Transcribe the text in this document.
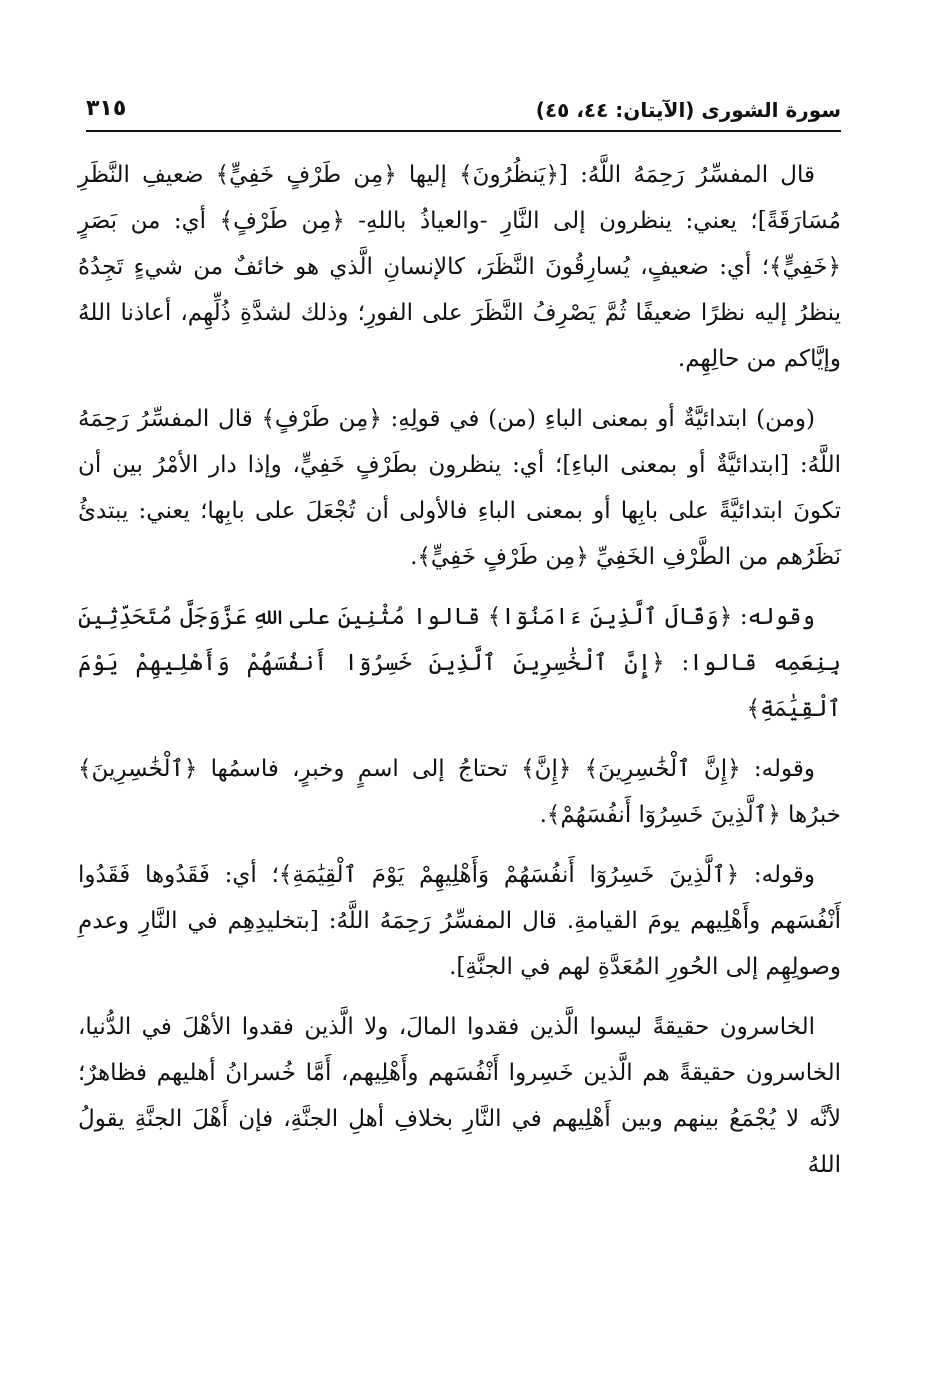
سورة الشورى (الآيتان: ٤٤، ٤٥)
٣١٥

قال المفسِّرُ رَحِمَهُ اللَّهُ: [﴿يَنظُرُونَ﴾ إليها ﴿مِن طَرْفٍ خَفِيٍّ﴾ ضعيفِ النَّظَرِ مُسَارَقَةً]؛ يعني: ينظرون إلى النَّارِ -والعياذُ باللهِ- ﴿مِن طَرْفٍ﴾ أي: من بَصَرٍ ﴿خَفِيٍّ﴾؛ أي: ضعيفٍ، يُسارِقُونَ النَّظَرَ، كالإنسانِ الَّذي هو خائفٌ من شيءٍ تَجِدُهُ ينظرُ إليه نظرًا ضعيفًا ثُمَّ يَصْرِفُ النَّظَرَ على الفورِ؛ وذلك لشدَّةِ ذُلِّهِم، أعاذنا اللهُ وإيَّاكم من حالِهِم.

(ومن) ابتدائيَّةٌ أو بمعنى الباءِ (من) في قولِهِ: ﴿مِن طَرْفٍ﴾ قال المفسِّرُ رَحِمَهُ اللَّهُ: [ابتدائيَّةٌ أو بمعنى الباءِ]؛ أي: ينظرون بطَرْفٍ خَفِيٍّ، وإذا دار الأمْرُ بين أن تكونَ ابتدائيَّةً على بابِها أو بمعنى الباءِ فالأولى أن تُجْعَلَ على بابِها؛ يعني: يبتدئُ نَظَرُهم من الطَّرْفِ الخَفِيِّ ﴿مِن طَرْفٍ خَفِيٍّ﴾.

وقوله: ﴿وَقَالَ ٱلَّذِينَ ءَامَنُوٓا﴾ قالوا مُثْنِينَ على اللهِ عَزَّوَجَلَّ مُتَحَدِّثِينَ بِنِعَمِه قالوا: ﴿إِنَّ ٱلْخَٰسِرِينَ ٱلَّذِينَ خَسِرُوٓا أَنفُسَهُمْ وَأَهْلِيهِمْ يَوْمَ ٱلْقِيَٰمَةِ﴾

وقوله: ﴿إِنَّ ٱلْخَٰسِرِينَ﴾ ﴿إِنَّ﴾ تحتاجُ إلى اسمٍ وخبرٍ، فاسمُها ﴿ٱلْخَٰسِرِينَ﴾ خبرُها ﴿ٱلَّذِينَ خَسِرُوٓا أَنفُسَهُمْ﴾.

وقوله: ﴿ٱلَّذِينَ خَسِرُوٓا أَنفُسَهُمْ وَأَهْلِيهِمْ يَوْمَ ٱلْقِيَٰمَةِ﴾؛ أي: فَقَدُوها فَقَدُوا أَنْفُسَهم وأَهْلِيهم يومَ القيامةِ. قال المفسِّرُ رَحِمَهُ اللَّهُ: [بتخليدِهِم في النَّارِ وعدمِ وصولِهِم إلى الحُورِ المُعَدَّةِ لهم في الجنَّةِ].

الخاسرون حقيقةً ليسوا الَّذين فقدوا المالَ، ولا الَّذين فقدوا الأهْلَ في الدُّنيا، الخاسرون حقيقةً هم الَّذين خَسِروا أَنْفُسَهم وأَهْلِيهم، أَمَّا خُسرانُ أهليهم فظاهرٌ؛ لأنَّه لا يُجْمَعُ بينهم وبين أَهْلِيهم في النَّارِ بخلافِ أهلِ الجنَّةِ، فإن أَهْلَ الجنَّةِ يقولُ اللهُ
